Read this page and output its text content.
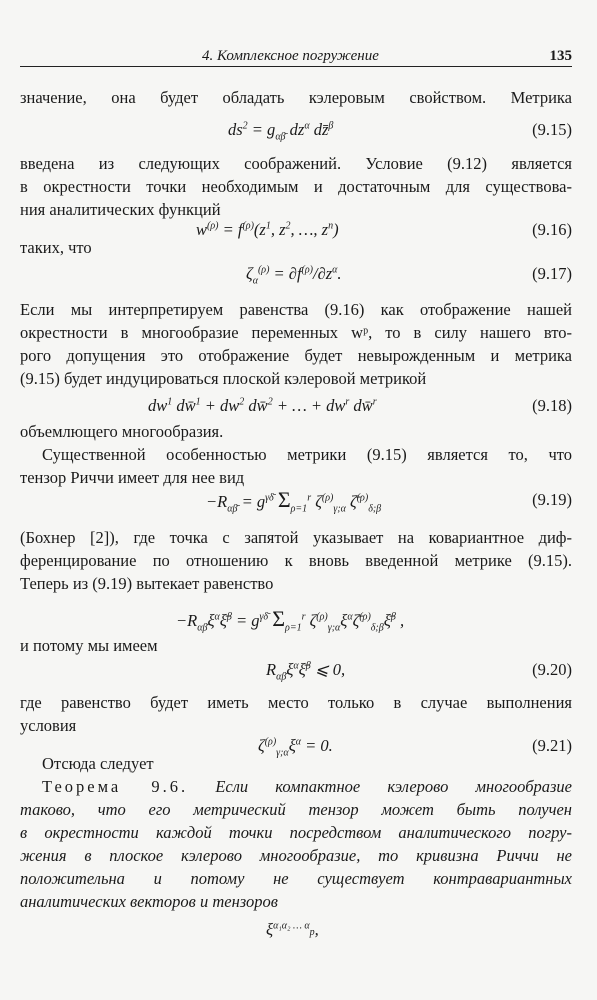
4. Комплексное погружение	135
значение, она будет обладать кэлеровым свойством. Метрика
$ds^2 = g_{\alpha\betā}$ $dz^\alpha$ dz̄$^\beta$	(9.15)
введена из следующих соображений. Условие (9.12) является
в окрестности точки необходимым и достаточным для существова-
ния аналитических функций
$w^{(\rho)} = f^{(\rho)}(z^1$, $z^2$, …, $z^n$)	(9.16)
таких, что
$\zeta_\alpha^{(\rho)} = \partial f^{(\rho)}/\partial z^\alpha$.	(9.17)
Если мы интерпретируем равенства (9.16) как отображение нашей
окрестности в многообразие переменных wᵖ, то в силу нашего вто-
рого допущения это отображение будет невырожденным и метрика
(9.15) будет индуцироваться плоской кэлеровой метрикой
$dw^1$ dw̄$^1$ + $dw^2$ dw̄$^2$ + … + $dw^r$ dw̄$^r$	(9.18)
объемлющего многообразия.
Существенной особенностью метрики (9.15) является то, что
тензор Риччи имеет для нее вид
$-R_{\alpha\betā} = g^{\gamma\deltā}$ $\Sigma_{\rho=1}^r$ $\zeta^{(\rho)}_{\gamma;\alpha}$ ζ̄$^{(\rho)}_{\delta;\beta}$	(9.19)
(Бохнер [2]), где точка с запятой указывает на ковариантное диф-
ференцирование по отношению к вновь введенной метрике (9.15).
Теперь из (9.19) вытекает равенство
$-R_{\alpha\betā}\xi^\alpha\xī^\beta = g^{\gamma\deltā}$ $\Sigma_{\rho=1}^r$ $\zeta^{(\rho)}_{\gamma;\alpha}\xi^\alpha\zetā^{(\rho)}_{\delta;\beta}\xī^\beta$ ,
и потому мы имеем
$R_{\alpha\betā}\xi^\alpha\xī^\beta$ ⩽ 0,	(9.20)
где равенство будет иметь место только в случае выполнения
условия
$\zeta^{(\rho)}_{\gamma;\alpha}\xi^\alpha = 0$.	(9.21)
Отсюда следует
Теорема 9.6. Если компактное кэлерово многообразие
таково, что его метрический тензор может быть получен
в окрестности каждой точки посредством аналитического погру-
жения в плоское кэлерово многообразие, то кривизна Риччи не
положительна и потому не существует контравариантных
аналитических векторов и тензоров
$\xi^{\alpha_1\alpha_2 \dots \alpha}_p$,
